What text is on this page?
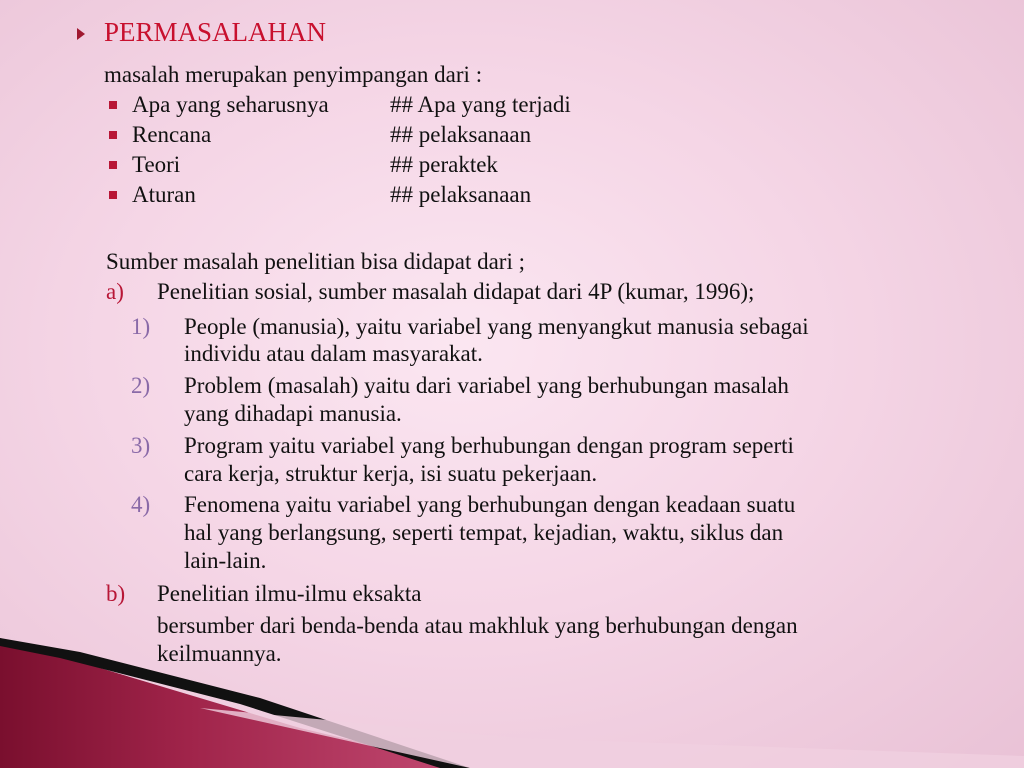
PERMASALAHAN
masalah merupakan penyimpangan dari :
Apa yang seharusnya	## Apa yang terjadi
Rencana	## pelaksanaan
Teori	## peraktek
Aturan	## pelaksanaan
Sumber masalah penelitian bisa didapat dari ;
a) Penelitian sosial, sumber masalah didapat dari 4P (kumar, 1996);
1) People (manusia), yaitu variabel yang menyangkut manusia sebagai
individu atau dalam masyarakat.
2) Problem (masalah) yaitu dari variabel yang berhubungan masalah
yang dihadapi manusia.
3) Program yaitu variabel yang berhubungan dengan program seperti
cara kerja, struktur kerja, isi suatu pekerjaan.
4) Fenomena yaitu variabel yang berhubungan dengan keadaan suatu
hal yang berlangsung, seperti tempat, kejadian, waktu, siklus dan
lain-lain.
b) Penelitian ilmu-ilmu eksakta
bersumber dari benda-benda atau makhluk yang berhubungan dengan
keilmuannya.
